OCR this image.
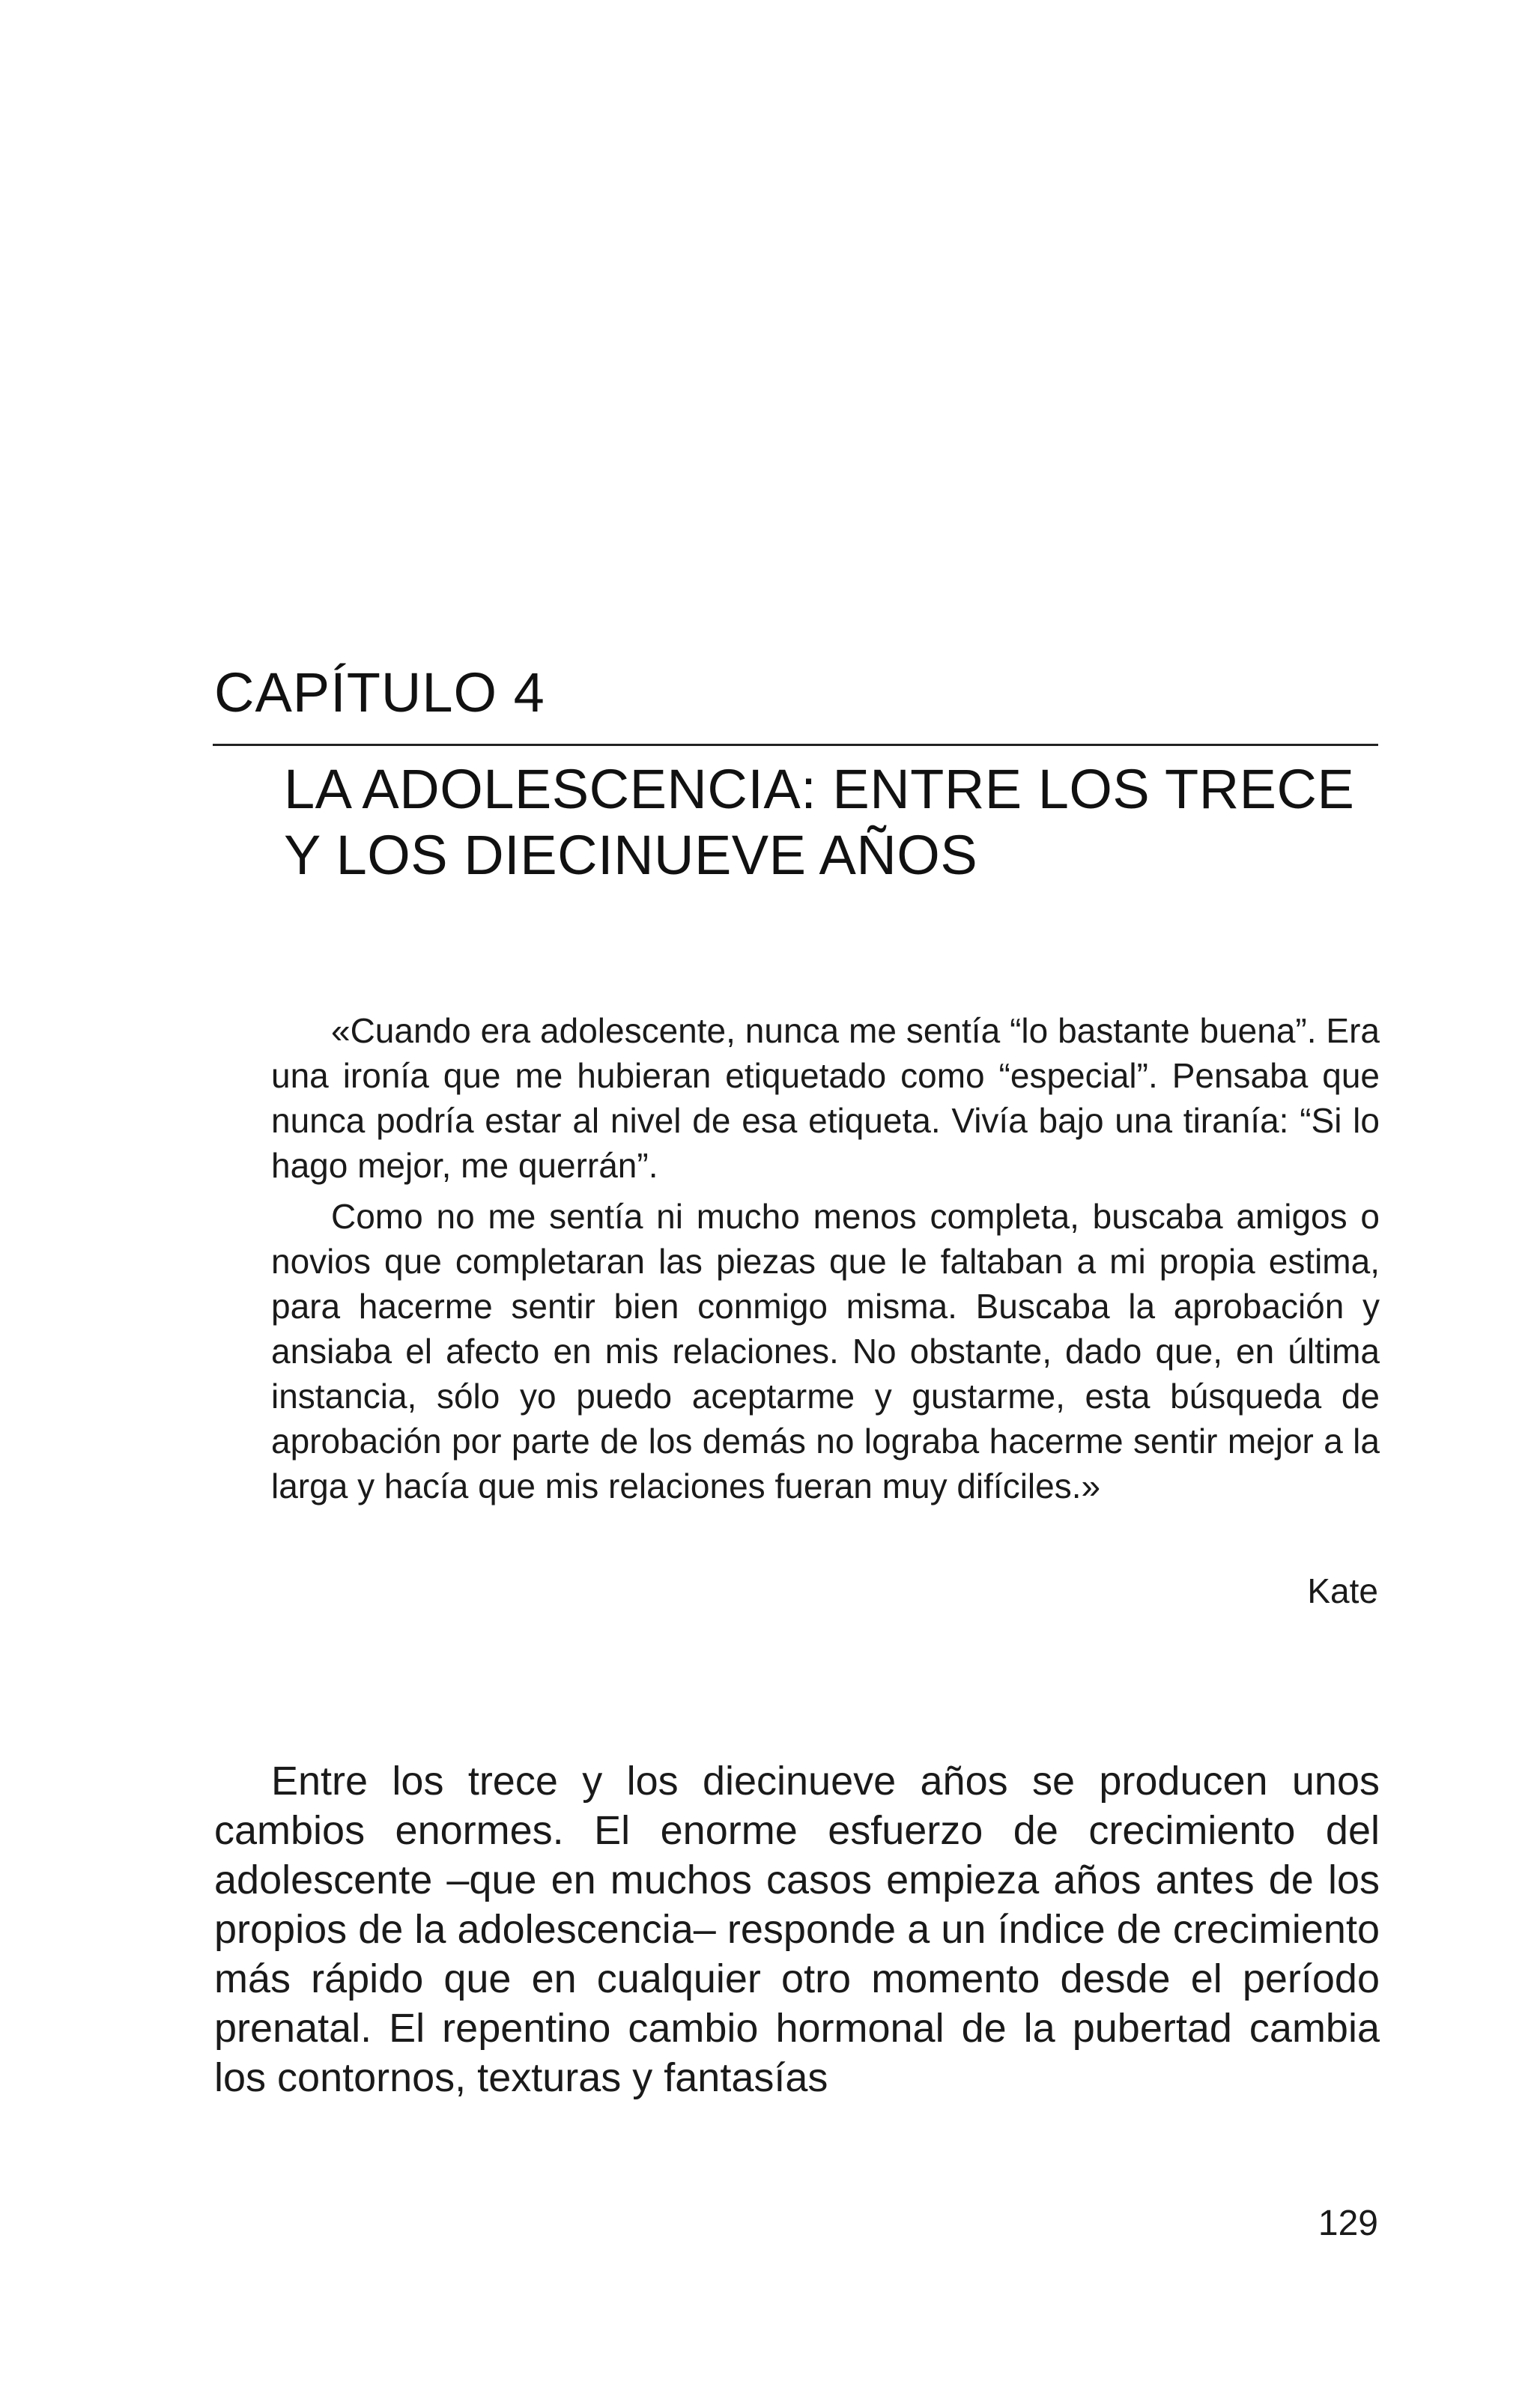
CAPÍTULO 4
LA ADOLESCENCIA: ENTRE LOS TRECE
Y LOS DIECINUEVE AÑOS

«Cuando era adolescente, nunca me sentía “lo bastante buena”. Era una ironía que me hubieran etiquetado como “especial”. Pensaba que nunca podría estar al nivel de esa etiqueta. Vivía bajo una tiranía: “Si lo hago mejor, me querrán”.

Como no me sentía ni mucho menos completa, buscaba amigos o novios que completaran las piezas que le faltaban a mi propia estima, para hacerme sentir bien conmigo misma. Buscaba la aprobación y ansiaba el afecto en mis relaciones. No obstante, dado que, en última instancia, sólo yo puedo aceptarme y gustarme, esta búsqueda de aprobación por parte de los demás no lograba hacerme sentir mejor a la larga y hacía que mis relaciones fueran muy difíciles.»

Kate

Entre los trece y los diecinueve años se producen unos cambios enormes. El enorme esfuerzo de crecimiento del adolescente –que en muchos casos empieza años antes de los propios de la adolescencia– responde a un índice de crecimiento más rápido que en cualquier otro momento desde el período prenatal. El repentino cambio hormonal de la pubertad cambia los contornos, texturas y fantasías

129
